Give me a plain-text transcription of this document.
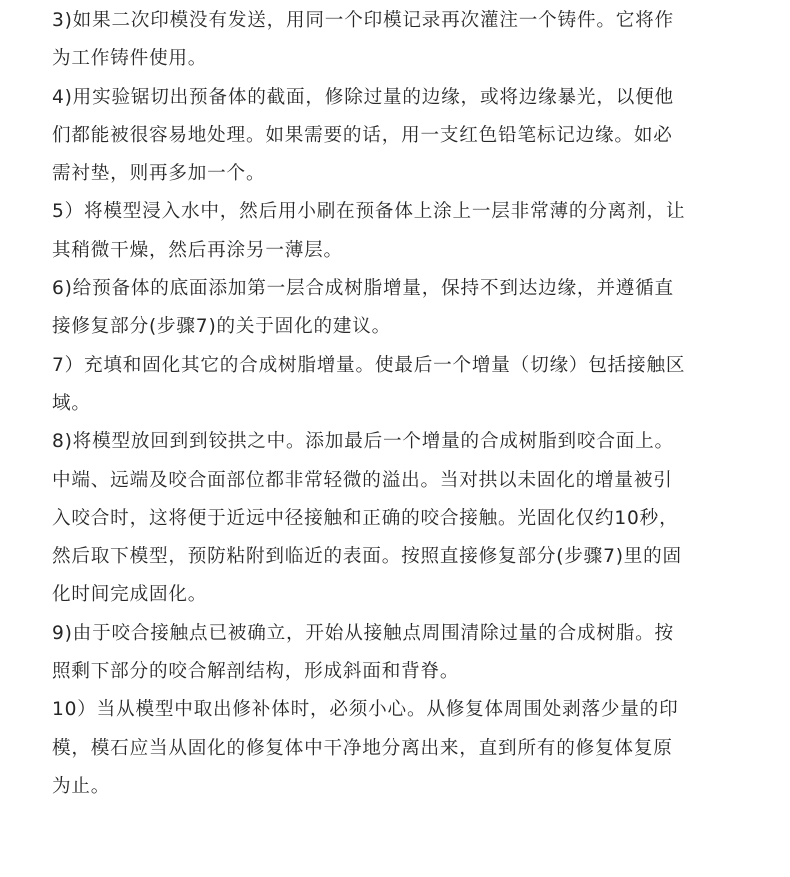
3)如果二次印模没有发送，用同一个印模记录再次灌注一个铸件。它将作
为工作铸件使用。
4)用实验锯切出预备体的截面，修除过量的边缘，或将边缘暴光，以便他
们都能被很容易地处理。如果需要的话，用一支红色铅笔标记边缘。如必
需衬垫，则再多加一个。
5）将模型浸入水中，然后用小刷在预备体上涂上一层非常薄的分离剂，让
其稍微干燥，然后再涂另一薄层。
6)给预备体的底面添加第一层合成树脂增量，保持不到达边缘，并遵循直
接修复部分(步骤7)的关于固化的建议。
7）充填和固化其它的合成树脂增量。使最后一个增量（切缘）包括接触区
域。
8)将模型放回到到铰拱之中。添加最后一个增量的合成树脂到咬合面上。
中端、远端及咬合面部位都非常轻微的溢出。当对拱以未固化的增量被引
入咬合时，这将便于近远中径接触和正确的咬合接触。光固化仅约10秒，
然后取下模型，预防粘附到临近的表面。按照直接修复部分(步骤7)里的固
化时间完成固化。
9)由于咬合接触点已被确立，开始从接触点周围清除过量的合成树脂。按
照剩下部分的咬合解剖结构，形成斜面和背脊。
10）当从模型中取出修补体时，必须小心。从修复体周围处剥落少量的印
模，模石应当从固化的修复体中干净地分离出来，直到所有的修复体复原
为止。
